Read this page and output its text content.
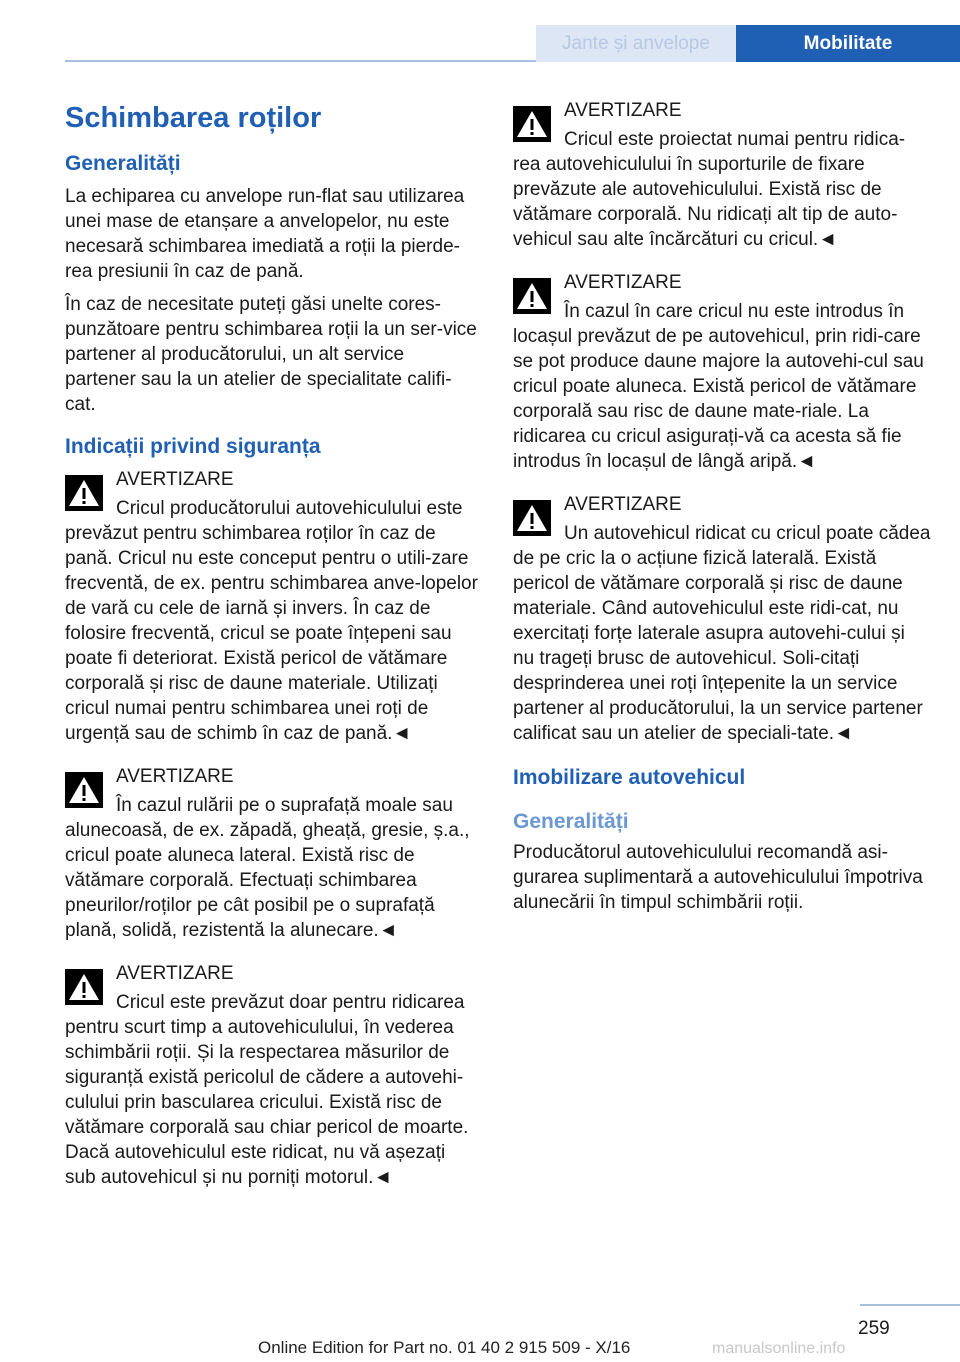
Jante și anvelope	Mobilitate
Schimbarea roților
Generalități

La echiparea cu anvelope run-flat sau utilizarea unei mase de etanșare a anvelopelor, nu este necesară schimbarea imediată a roții la pierde-rea presiunii în caz de pană.

În caz de necesitate puteți găsi unelte cores-punzătoare pentru schimbarea roții la un ser-vice partener al producătorului, un alt service partener sau la un atelier de specialitate califi-cat.

Indicații privind siguranța
AVERTIZARE
Cricul producătorului autovehiculului este prevăzut pentru schimbarea roților în caz de pană. Cricul nu este conceput pentru o utili-zare frecventă, de ex. pentru schimbarea anve-lopelor de vară cu cele de iarnă și invers. În caz de folosire frecventă, cricul se poate înțepeni sau poate fi deteriorat. Există pericol de vătămare corporală și risc de daune materiale. Utilizați cricul numai pentru schimbarea unei roți de urgență sau de schimb în caz de pană.◄
AVERTIZARE
În cazul rulării pe o suprafață moale sau alunecoasă, de ex. zăpadă, gheață, gresie, ș.a., cricul poate aluneca lateral. Există risc de vătămare corporală. Efectuați schimbarea pneurilor/roților pe cât posibil pe o suprafață plană, solidă, rezistentă la alunecare.◄
AVERTIZARE
Cricul este prevăzut doar pentru ridicarea pentru scurt timp a autovehiculului, în vederea schimbării roții. Și la respectarea măsurilor de siguranță există pericolul de cădere a autovehi-culului prin bascularea cricului. Există risc de vătămare corporală sau chiar pericol de moarte. Dacă autovehiculul este ridicat, nu vă așezați sub autovehicul și nu porniți motorul.◄
AVERTIZARE
Cricul este proiectat numai pentru ridica-rea autovehiculului în suporturile de fixare prevăzute ale autovehiculului. Există risc de vătămare corporală. Nu ridicați alt tip de auto-vehicul sau alte încărcături cu cricul.◄
AVERTIZARE
În cazul în care cricul nu este introdus în locașul prevăzut de pe autovehicul, prin ridi-care se pot produce daune majore la autovehi-cul sau cricul poate aluneca. Există pericol de vătămare corporală sau risc de daune mate-riale. La ridicarea cu cricul asigurați-vă ca acesta să fie introdus în locașul de lângă aripă.◄
AVERTIZARE
Un autovehicul ridicat cu cricul poate cădea de pe cric la o acțiune fizică laterală. Există pericol de vătămare corporală și risc de daune materiale. Când autovehiculul este ridi-cat, nu exercitați forțe laterale asupra autovehi-cului și nu trageți brusc de autovehicul. Soli-citați desprinderea unei roți înțepenite la un service partener al producătorului, la un service partener calificat sau un atelier de speciali-tate.◄
Imobilizare autovehicul
Generalități

Producătorul autovehiculului recomandă asi-gurarea suplimentară a autovehiculului împotriva alunecării în timpul schimbării roții.

259
Online Edition for Part no. 01 40 2 915 509 - X/16	manualsonline.info
